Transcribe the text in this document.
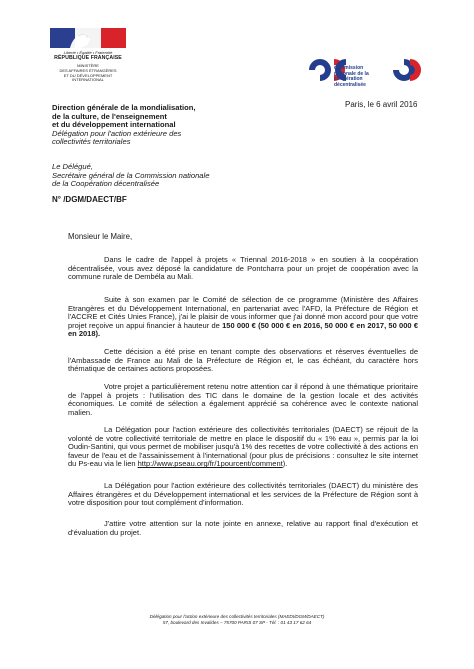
Liberté • Égalité • Fraternité
RÉPUBLIQUE FRANÇAISE
MINISTÈRE
DES AFFAIRES ÉTRANGÈRES
ET DU DÉVELOPPEMENT
INTERNATIONAL
commission
nationale de la
coopération
décentralisée
Paris, le 6 avril 2016
Direction générale de la mondialisation,
de la culture, de l'enseignement
et du développement international
Délégation pour l'action extérieure des
collectivités territoriales
Le Délégué,
Secrétaire général de la Commission nationale
de la Coopération décentralisée
N° /DGM/DAECT/BF
Monsieur le Maire,

Dans le cadre de l'appel à projets « Triennal 2016-2018 » en soutien à la coopération décentralisée, vous avez déposé la candidature de Pontcharra pour un projet de coopération avec la commune rurale de Dembéla au Mali.

Suite à son examen par le Comité de sélection de ce programme (Ministère des Affaires Etrangères et du Développement International, en partenariat avec l'AFD, la Préfecture de Région et l'ACCRE et Cités Unies France), j'ai le plaisir de vous informer que j'ai donné mon accord pour que votre projet reçoive un appui financier à hauteur de 150 000 € (50 000 € en 2016, 50 000 € en 2017, 50 000 € en 2018).

Cette décision a été prise en tenant compte des observations et réserves éventuelles de l'Ambassade de France au Mali de la Préfecture de Région et, le cas échéant, du caractère hors thématique de certaines actions proposées.

Votre projet a particulièrement retenu notre attention car il répond à une thématique prioritaire de l'appel à projets : l'utilisation des TIC dans le domaine de la gestion locale et des activités économiques. Le comité de sélection a également apprécié sa cohérence avec le contexte national malien.

La Délégation pour l'action extérieure des collectivités territoriales (DAECT) se réjouit de la volonté de votre collectivité territoriale de mettre en place le dispositif du « 1% eau », permis par la loi Oudin-Santini, qui vous permet de mobiliser jusqu'à 1% des recettes de votre collectivité à des actions en faveur de l'eau et de l'assainissement à l'international (pour plus de précisions : consultez le site internet du Ps-eau via le lien http://www.pseau.org/fr/1pourcent/comment).

La Délégation pour l'action extérieure des collectivités territoriales (DAECT) du ministère des Affaires étrangères et du Développement international et les services de la Préfecture de Région sont à votre disposition pour tout complément d'information.

J'attire votre attention sur la note jointe en annexe, relative au rapport final d'exécution et d'évaluation du projet.

Délégation pour l'action extérieure des collectivités territoriales (MAEDI/DGM/DAECT)
57, boulevard des Invalides – 75700 PARIS 07 SP - Tél. : 01 43 17 62 64
